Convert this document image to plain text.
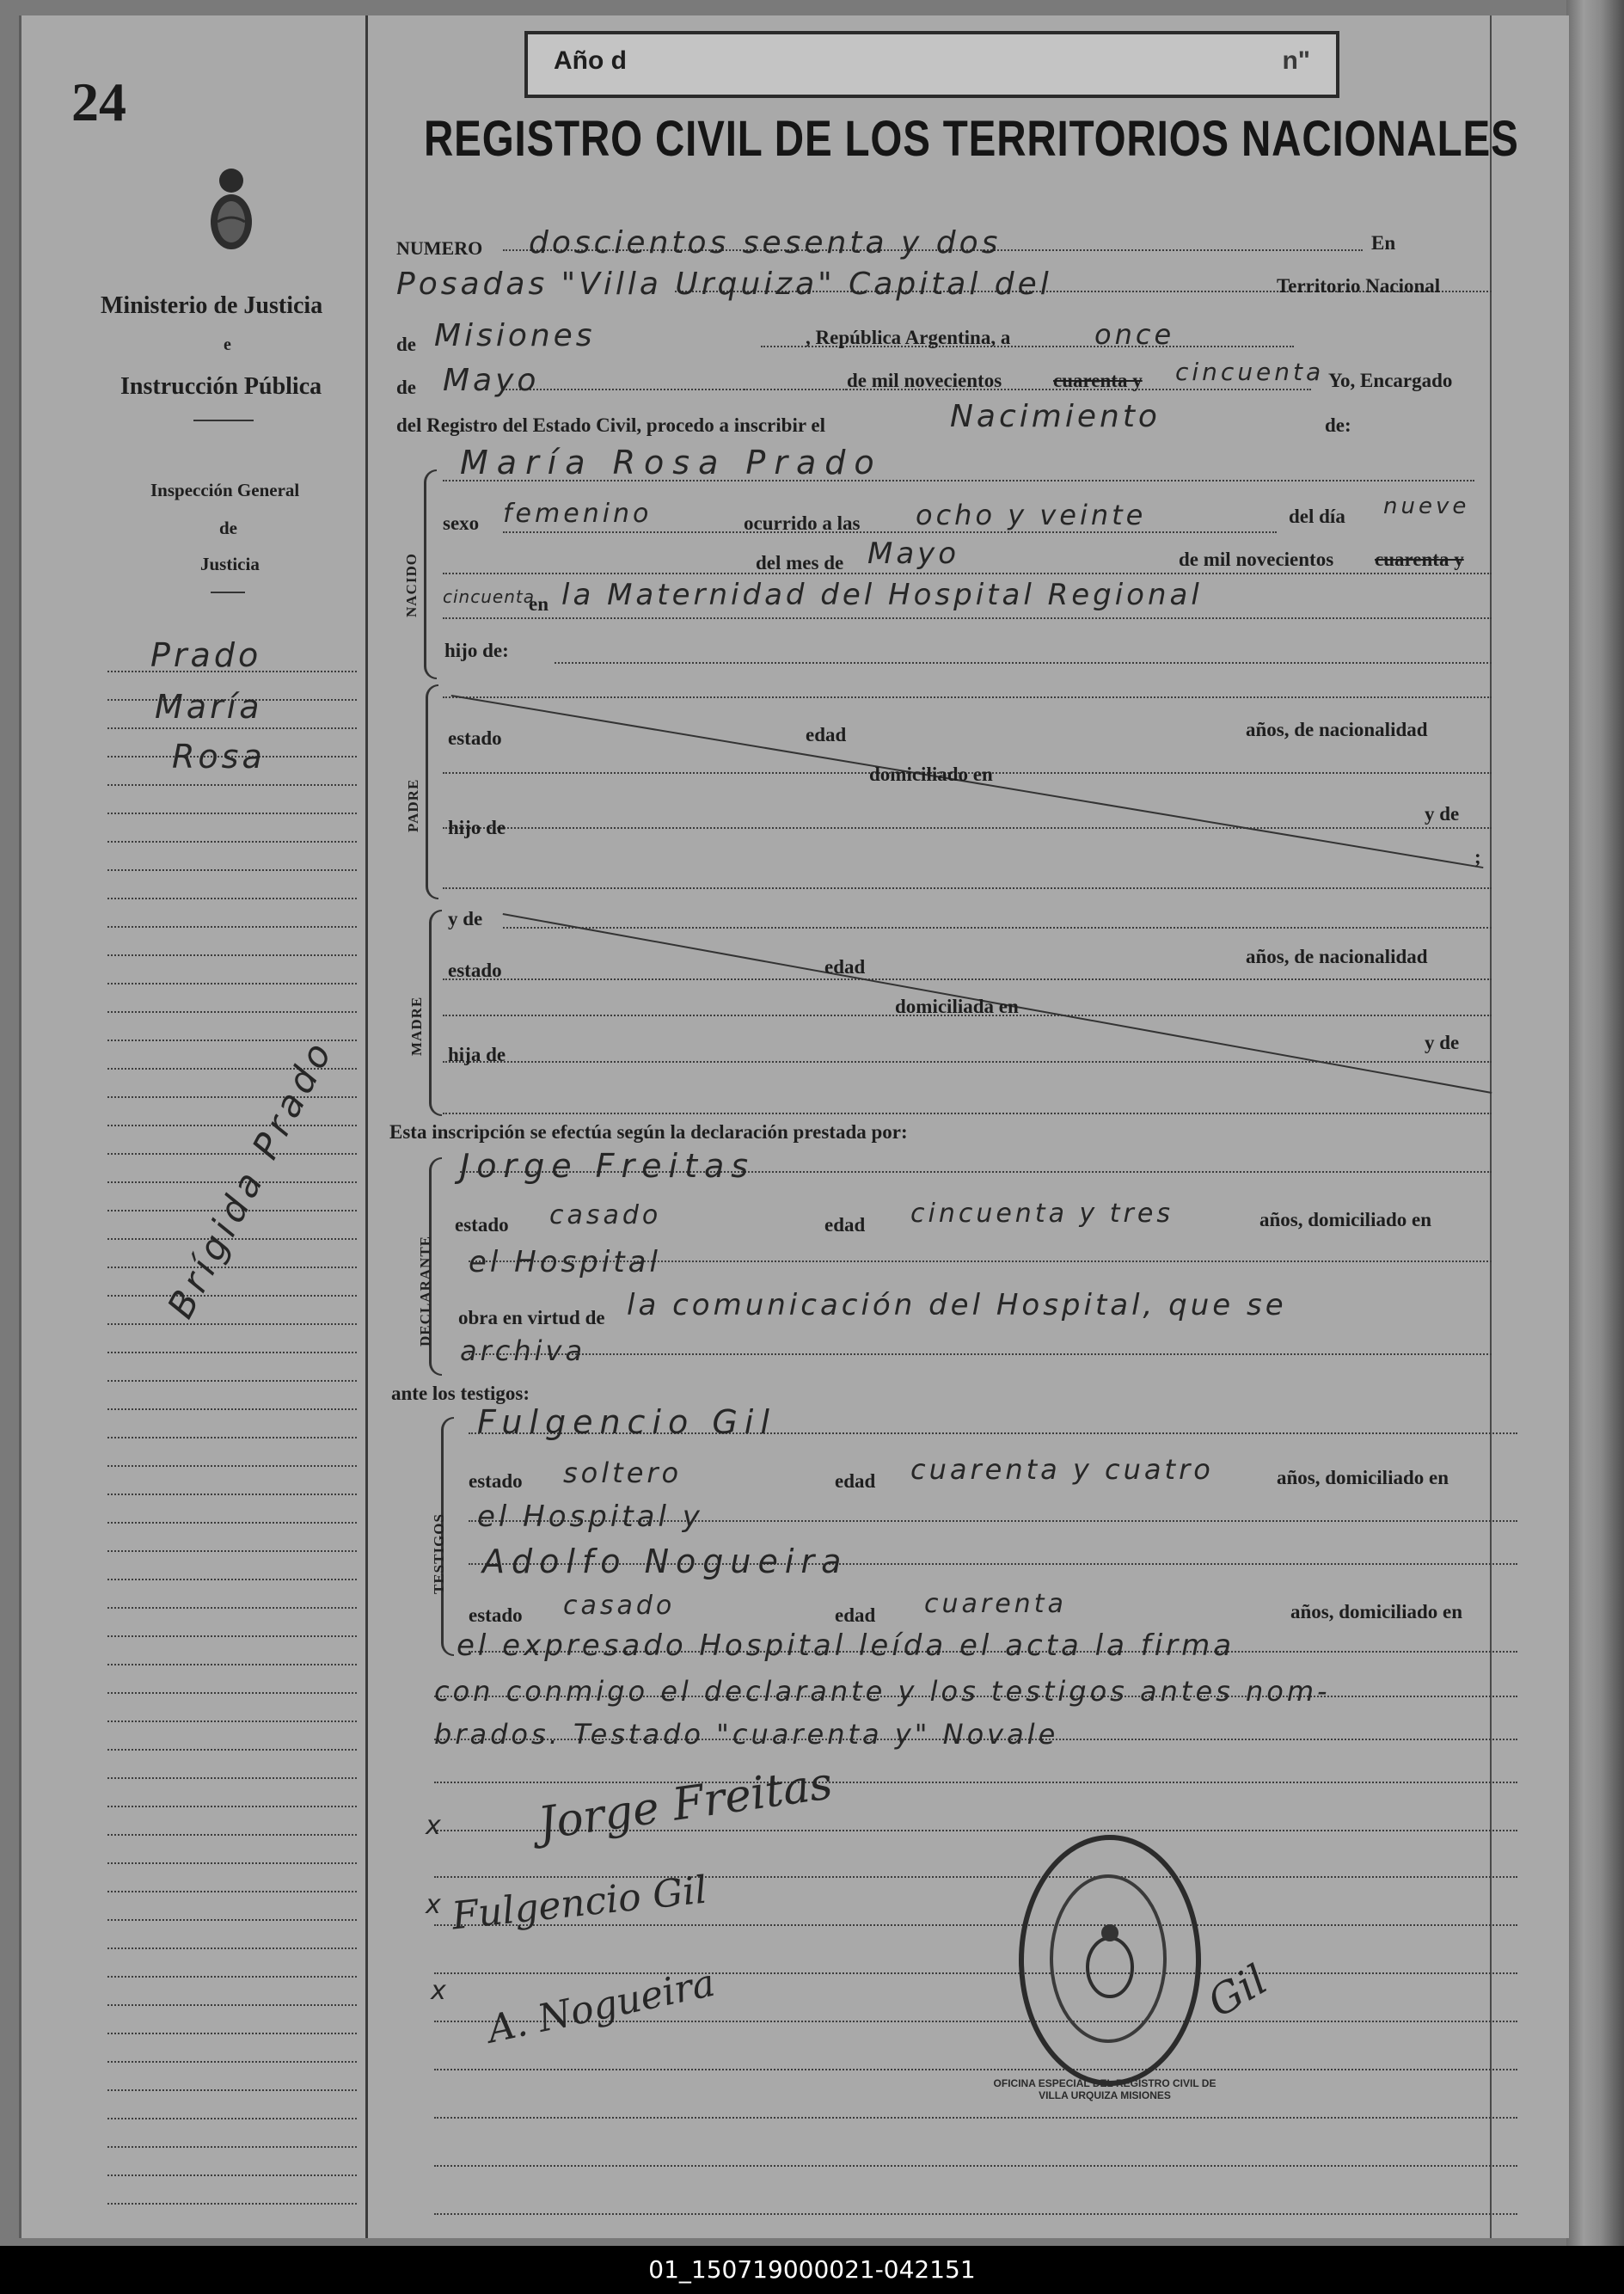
24
Ministerio de Justicia
e
Instrucción Pública
Inspección General
de
Justicia
Prado
María
Rosa
Brígida Prado
Año d	n"
REGISTRO CIVIL DE LOS TERRITORIOS NACIONALES
NUMERO doscientos sesenta y dos	En
Posadas "Villa Urquiza" Capital del	Territorio Nacional
de Misiones	, República Argentina, a	once
de Mayo	de mil novecientos	cuarenta y cincuenta Yo, Encargado
del Registro del Estado Civil, procedo a inscribir el	Nacimiento	de:
María Rosa Prado
NACIDO
sexo femenino	ocurrido a las ocho y veinte	del día nueve
del mes de Mayo	de mil novecientos cuarenta y
cincuenta
en la Maternidad del Hospital Regional
hijo de:
PADRE
estado	edad	años, de nacionalidad
domiciliado en
hijo de
y de
;
MADRE
y de
estado	edad	años, de nacionalidad
domiciliada en
hija de
y de
Esta inscripción se efectúa según la declaración prestada por:
DECLARANTE
Jorge Freitas
estado casado	edad cincuenta y tres	años, domiciliado en
el Hospital
obra en virtud de la comunicación del Hospital, que se
archiva
ante los testigos:
TESTIGOS
Fulgencio Gil
estado soltero	edad cuarenta y cuatro	años, domiciliado en
el Hospital y
Adolfo Nogueira
estado casado	edad cuarenta	años, domiciliado en
el expresado Hospital leída el acta la firma
con conmigo el declarante y los testigos antes nom-
brados. Testado "cuarenta y" Novale
x
x
x
Jorge Freitas
Fulgencio Gil
A. Nogueira	Gil
OFICINA ESPECIAL DEL REGISTRO CIVIL DE VILLA URQUIZA MISIONES
01_150719000021-042151
